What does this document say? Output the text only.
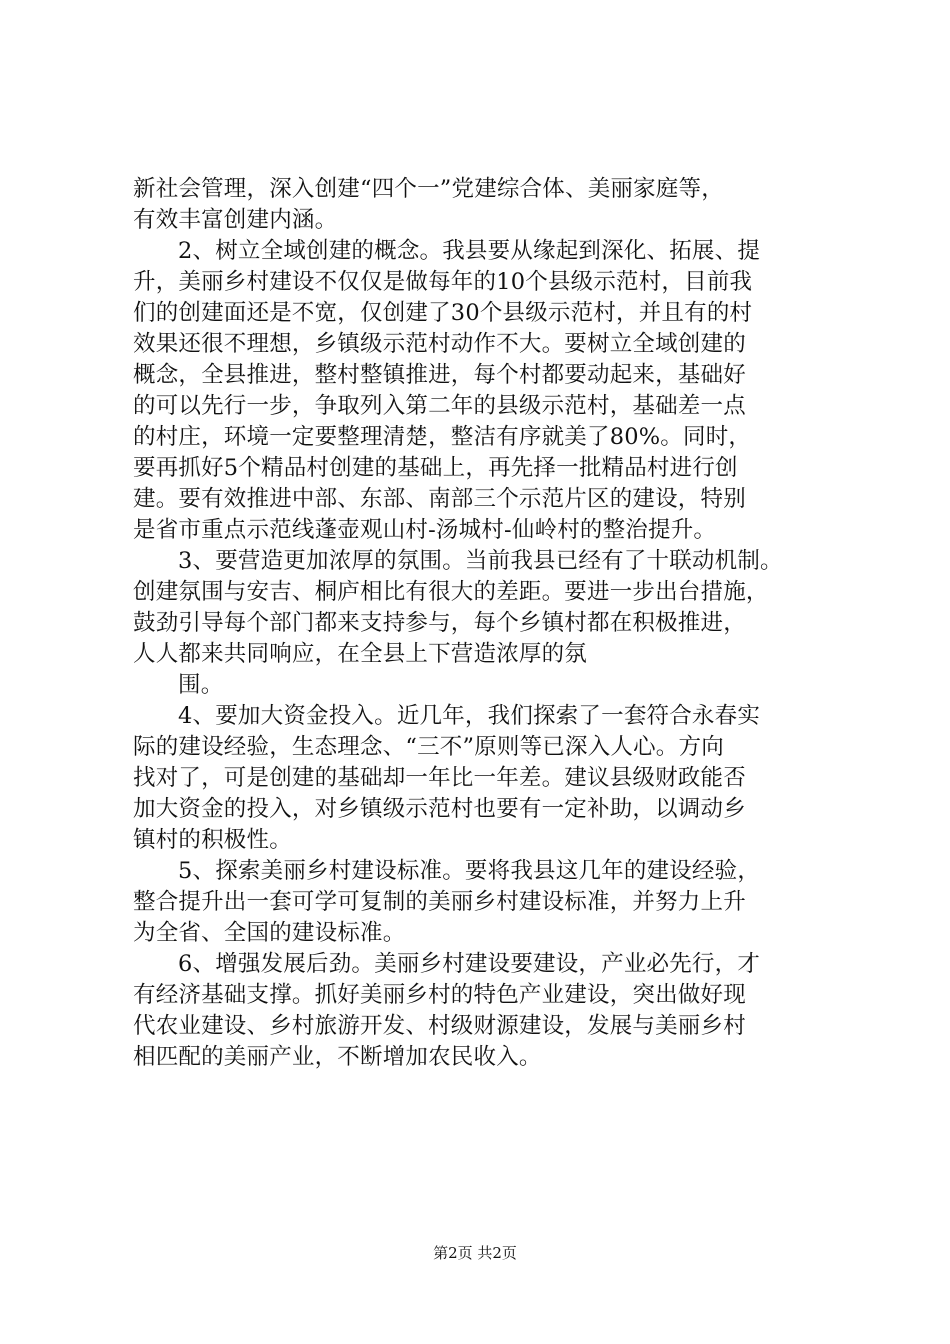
新社会管理，深入创建“四个一”党建综合体、美丽家庭等，
有效丰富创建内涵。
2、树立全域创建的概念。我县要从缘起到深化、拓展、提
升，美丽乡村建设不仅仅是做每年的10个县级示范村，目前我
们的创建面还是不宽，仅创建了30个县级示范村，并且有的村
效果还很不理想，乡镇级示范村动作不大。要树立全域创建的
概念，全县推进，整村整镇推进，每个村都要动起来，基础好
的可以先行一步，争取列入第二年的县级示范村，基础差一点
的村庄，环境一定要整理清楚，整洁有序就美了80%。同时，
要再抓好5个精品村创建的基础上，再先择一批精品村进行创
建。要有效推进中部、东部、南部三个示范片区的建设，特别
是省市重点示范线蓬壶观山村-汤城村-仙岭村的整治提升。
3、要营造更加浓厚的氛围。当前我县已经有了十联动机制。
创建氛围与安吉、桐庐相比有很大的差距。要进一步出台措施，
鼓劲引导每个部门都来支持参与，每个乡镇村都在积极推进，
人人都来共同响应，在全县上下营造浓厚的氛
围。
4、要加大资金投入。近几年，我们探索了一套符合永春实
际的建设经验，生态理念、“三不”原则等已深入人心。方向
找对了，可是创建的基础却一年比一年差。建议县级财政能否
加大资金的投入，对乡镇级示范村也要有一定补助，以调动乡
镇村的积极性。
5、探索美丽乡村建设标准。要将我县这几年的建设经验，
整合提升出一套可学可复制的美丽乡村建设标准，并努力上升
为全省、全国的建设标准。
6、增强发展后劲。美丽乡村建设要建设，产业必先行，才
有经济基础支撑。抓好美丽乡村的特色产业建设，突出做好现
代农业建设、乡村旅游开发、村级财源建设，发展与美丽乡村
相匹配的美丽产业，不断增加农民收入。
第2页 共2页
